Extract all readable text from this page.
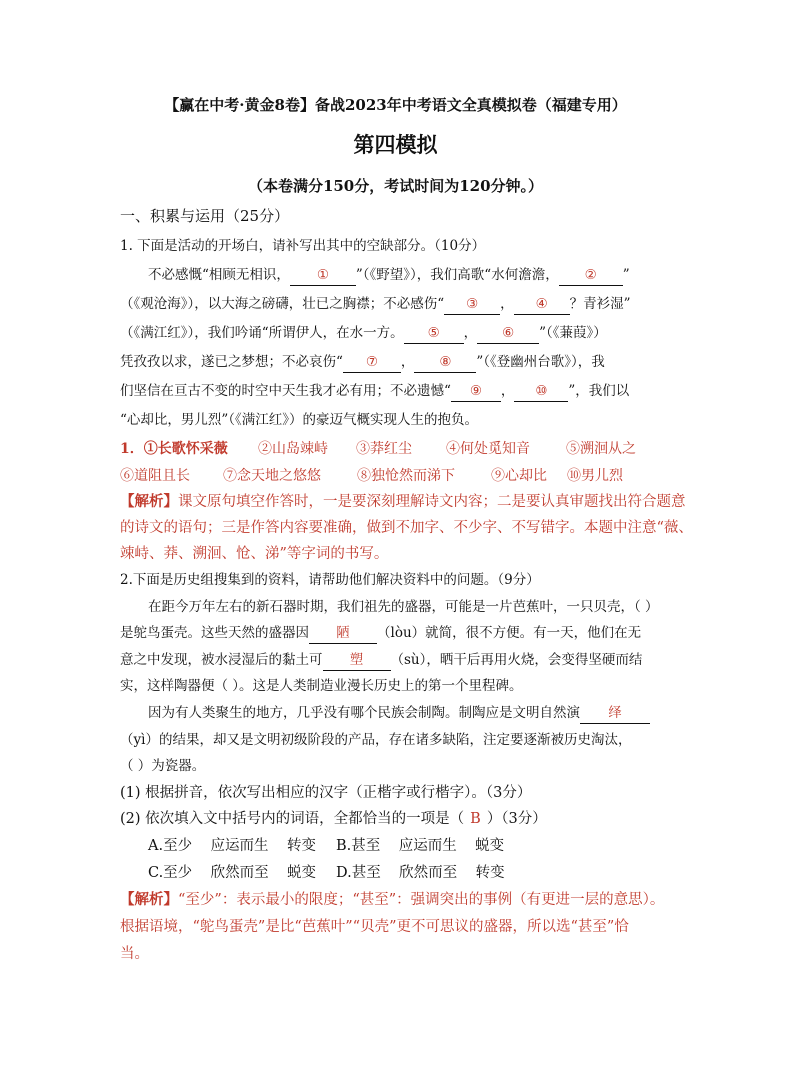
【赢在中考·黄金8卷】备战2023年中考语文全真模拟卷（福建专用）
第四模拟
（本卷满分150分，考试时间为120分钟。）
一、积累与运用（25分）
1. 下面是活动的开场白，请补写出其中的空缺部分。（10分）
不必感慨“相顾无相识， ① ”（《野望》），我们高歌“水何澹澹， ② ”
（《观沧海》），以大海之磅礴，壮已之胸襟；不必感伤“ ③ ， ④ ？青衫湿”
（《满江红》），我们吟诵“所谓伊人，在水一方。 ⑤ ， ⑥ ”（《蒹葭》）
凭孜孜以求，遂已之梦想；不必哀伤“ ⑦ ， ⑧ ”（《登幽州台歌》），我
们坚信在亘古不变的时空中天生我才必有用；不必遗憾“ ⑨ ， ⑩ ”，我们以
“心却比，男儿烈”（《满江红》）的豪迈气概实现人生的抱负。
1．①长歌怀采薇 ②山岛竦峙 ③莽红尘 ④何处觅知音	⑤溯洄从之
⑥道阻且长 ⑦念天地之悠悠	⑧独怆然而涕下	⑨心却比 ⑩男儿烈
【解析】课文原句填空作答时，一是要深刻理解诗文内容；二是要认真审题找出符合题意
的诗文的语句；三是作答内容要准确，做到不加字、不少字、不写错字。本题中注意“薇、
竦峙、莽、溯洄、怆、涕”等字词的书写。
2.下面是历史组搜集到的资料，请帮助他们解决资料中的问题。（9分）
在距今万年左右的新石器时期，我们祖先的盛器，可能是一片芭蕉叶，一只贝壳，（ ）
是鸵鸟蛋壳。这些天然的盛器因 陋 （lòu）就简，很不方便。有一天，他们在无
意之中发现，被水浸湿后的黏土可 塑 （sù），晒干后再用火烧，会变得坚硬而结
实，这样陶器便（ ）。这是人类制造业漫长历史上的第一个里程碑。
因为有人类聚生的地方，几乎没有哪个民族会制陶。制陶应是文明自然演 绎
（yì）的结果，却又是文明初级阶段的产品，存在诸多缺陷，注定要逐渐被历史淘汰，
（ ）为瓷器。
(1) 根据拼音，依次写出相应的汉字（正楷字或行楷字）。（3分）
(2) 依次填入文中括号内的词语，全都恰当的一项是（ B ）（3分）
A.至少    应运而生    转变 B.甚至    应运而生    蜕变
C.至少    欣然而至    蜕变 D.甚至    欣然而至    转变
【解析】“至少”：表示最小的限度；“甚至”：强调突出的事例（有更进一层的意思）。
根据语境，“鸵鸟蛋壳”是比“芭蕉叶”“贝壳”更不可思议的盛器，所以选“甚至”恰
当。
